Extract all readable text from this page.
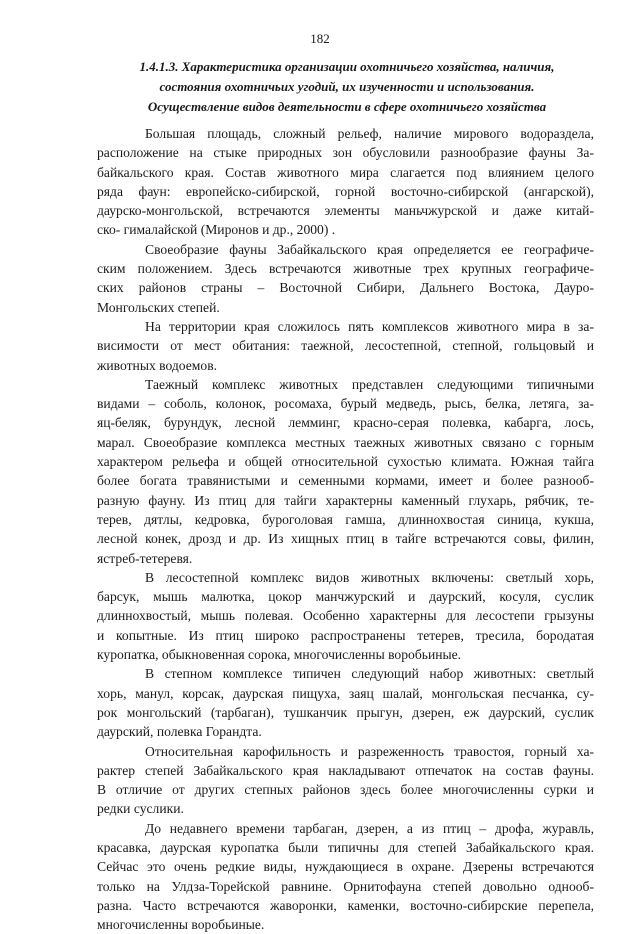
182
1.4.1.3. Характеристика организации охотничьего хозяйства, наличия,
состояния охотничьих угодий, их изученности и использования.
Осуществление видов деятельности в сфере охотничьего хозяйства
Большая площадь, сложный рельеф, наличие мирового водораздела,
расположение на стыке природных зон обусловили разнообразие фауны За-
байкальского края. Состав животного мира слагается под влиянием целого
ряда фаун: европейско-сибирской, горной восточно-сибирской (ангарской),
даурско-монгольской, встречаются элементы маньчжурской и даже китай-
ско- гималайской (Миронов и др., 2000) .
Своеобразие фауны Забайкальского края определяется ее географиче-
ским положением. Здесь встречаются животные трех крупных географиче-
ских районов страны – Восточной Сибири, Дальнего Востока, Дауро-
Монгольских степей.
На территории края сложилось пять комплексов животного мира в за-
висимости от мест обитания: таежной, лесостепной, степной, гольцовый и
животных водоемов.
Таежный комплекс животных представлен следующими типичными
видами – соболь, колонок, росомаха, бурый медведь, рысь, белка, летяга, за-
яц-беляк, бурундук, лесной лемминг, красно-серая полевка, кабарга, лось,
марал. Своеобразие комплекса местных таежных животных связано с горным
характером рельефа и общей относительной сухостью климата. Южная тайга
более богата травянистыми и семенными кормами, имеет и более разнооб-
разную фауну. Из птиц для тайги характерны каменный глухарь, рябчик, те-
терев, дятлы, кедровка, буроголовая гамша, длиннохвостая синица, кукша,
лесной конек, дрозд и др. Из хищных птиц в тайге встречаются совы, филин,
ястреб-тетеревя.
В лесостепной комплекс видов животных включены: светлый хорь,
барсук, мышь малютка, цокор манчжурский и даурский, косуля, суслик
длиннохвостый, мышь полевая. Особенно характерны для лесостепи грызуны
и копытные. Из птиц широко распространены тетерев, тресила, бородатая
куропатка, обыкновенная сорока, многочисленны воробьиные.
В степном комплексе типичен следующий набор животных: светлый
хорь, манул, корсак, даурская пищуха, заяц шалай, монгольская песчанка, су-
рок монгольский (тарбаган), тушканчик прыгун, дзерен, еж даурский, суслик
даурский, полевка Горандта.
Относительная карофильность и разреженность травостоя, горный ха-
рактер степей Забайкальского края накладывают отпечаток на состав фауны.
В отличие от других степных районов здесь более многочисленны сурки и
редки суслики.
До недавнего времени тарбаган, дзерен, а из птиц – дрофа, журавль,
красавка, даурская куропатка были типичны для степей Забайкальского края.
Сейчас это очень редкие виды, нуждающиеся в охране. Дзерены встречаются
только на Улдза-Торейской равнине. Орнитофауна степей довольно однооб-
разна. Часто встречаются жаворонки, каменки, восточно-сибирские перепела,
многочисленны воробьиные.
